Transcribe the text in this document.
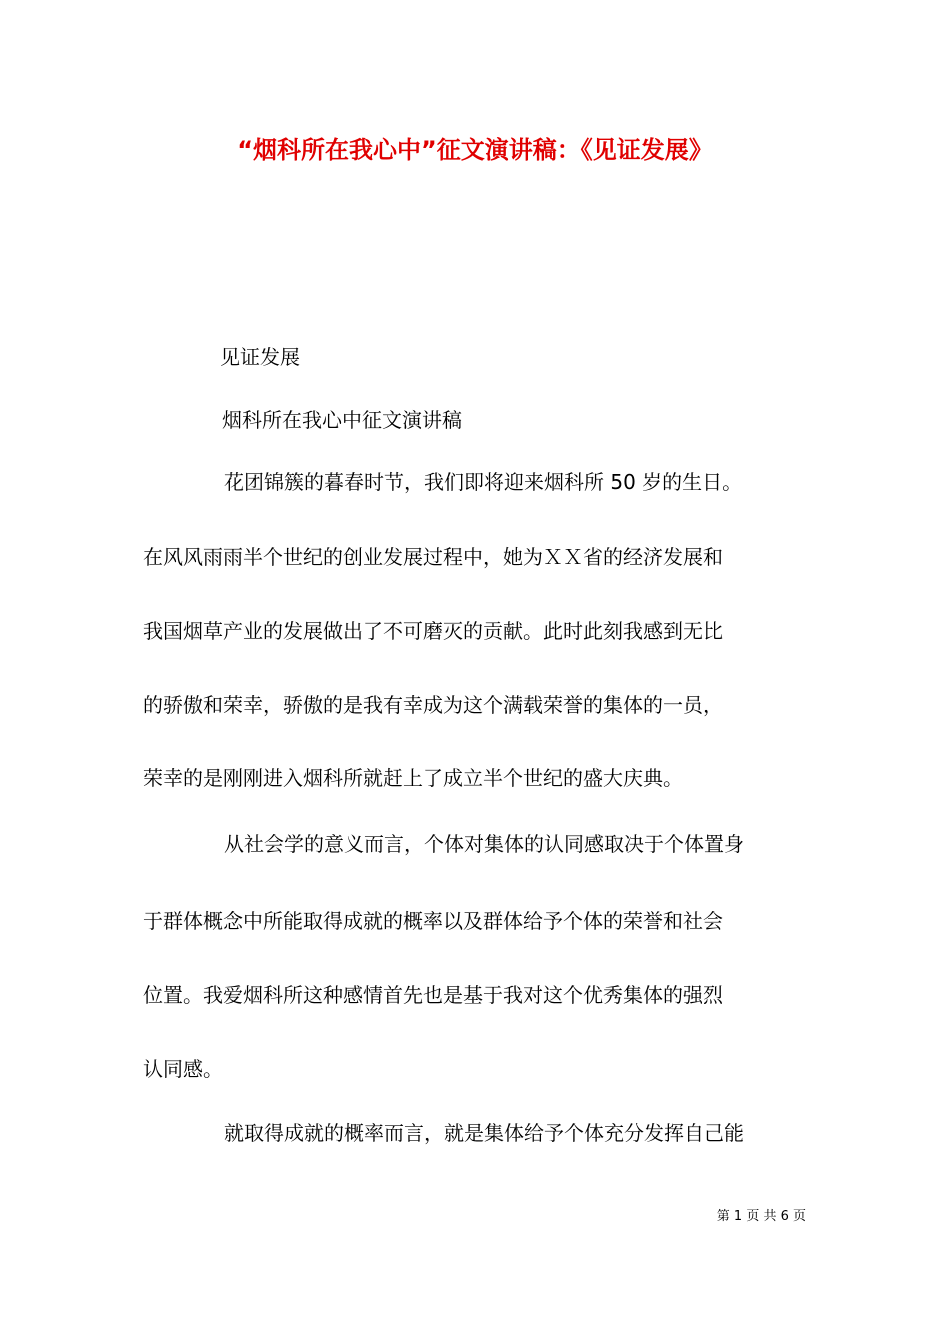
“烟科所在我心中”征文演讲稿：《见证发展》
见证发展
烟科所在我心中征文演讲稿
花团锦簇的暮春时节，我们即将迎来烟科所 50 岁的生日。
在风风雨雨半个世纪的创业发展过程中，她为ＸＸ省的经济发展和
我国烟草产业的发展做出了不可磨灭的贡献。此时此刻我感到无比
的骄傲和荣幸，骄傲的是我有幸成为这个满载荣誉的集体的一员，
荣幸的是刚刚进入烟科所就赶上了成立半个世纪的盛大庆典。
从社会学的意义而言，个体对集体的认同感取决于个体置身
于群体概念中所能取得成就的概率以及群体给予个体的荣誉和社会
位置。我爱烟科所这种感情首先也是基于我对这个优秀集体的强烈
认同感。
就取得成就的概率而言，就是集体给予个体充分发挥自己能
第 1 页 共 6 页
